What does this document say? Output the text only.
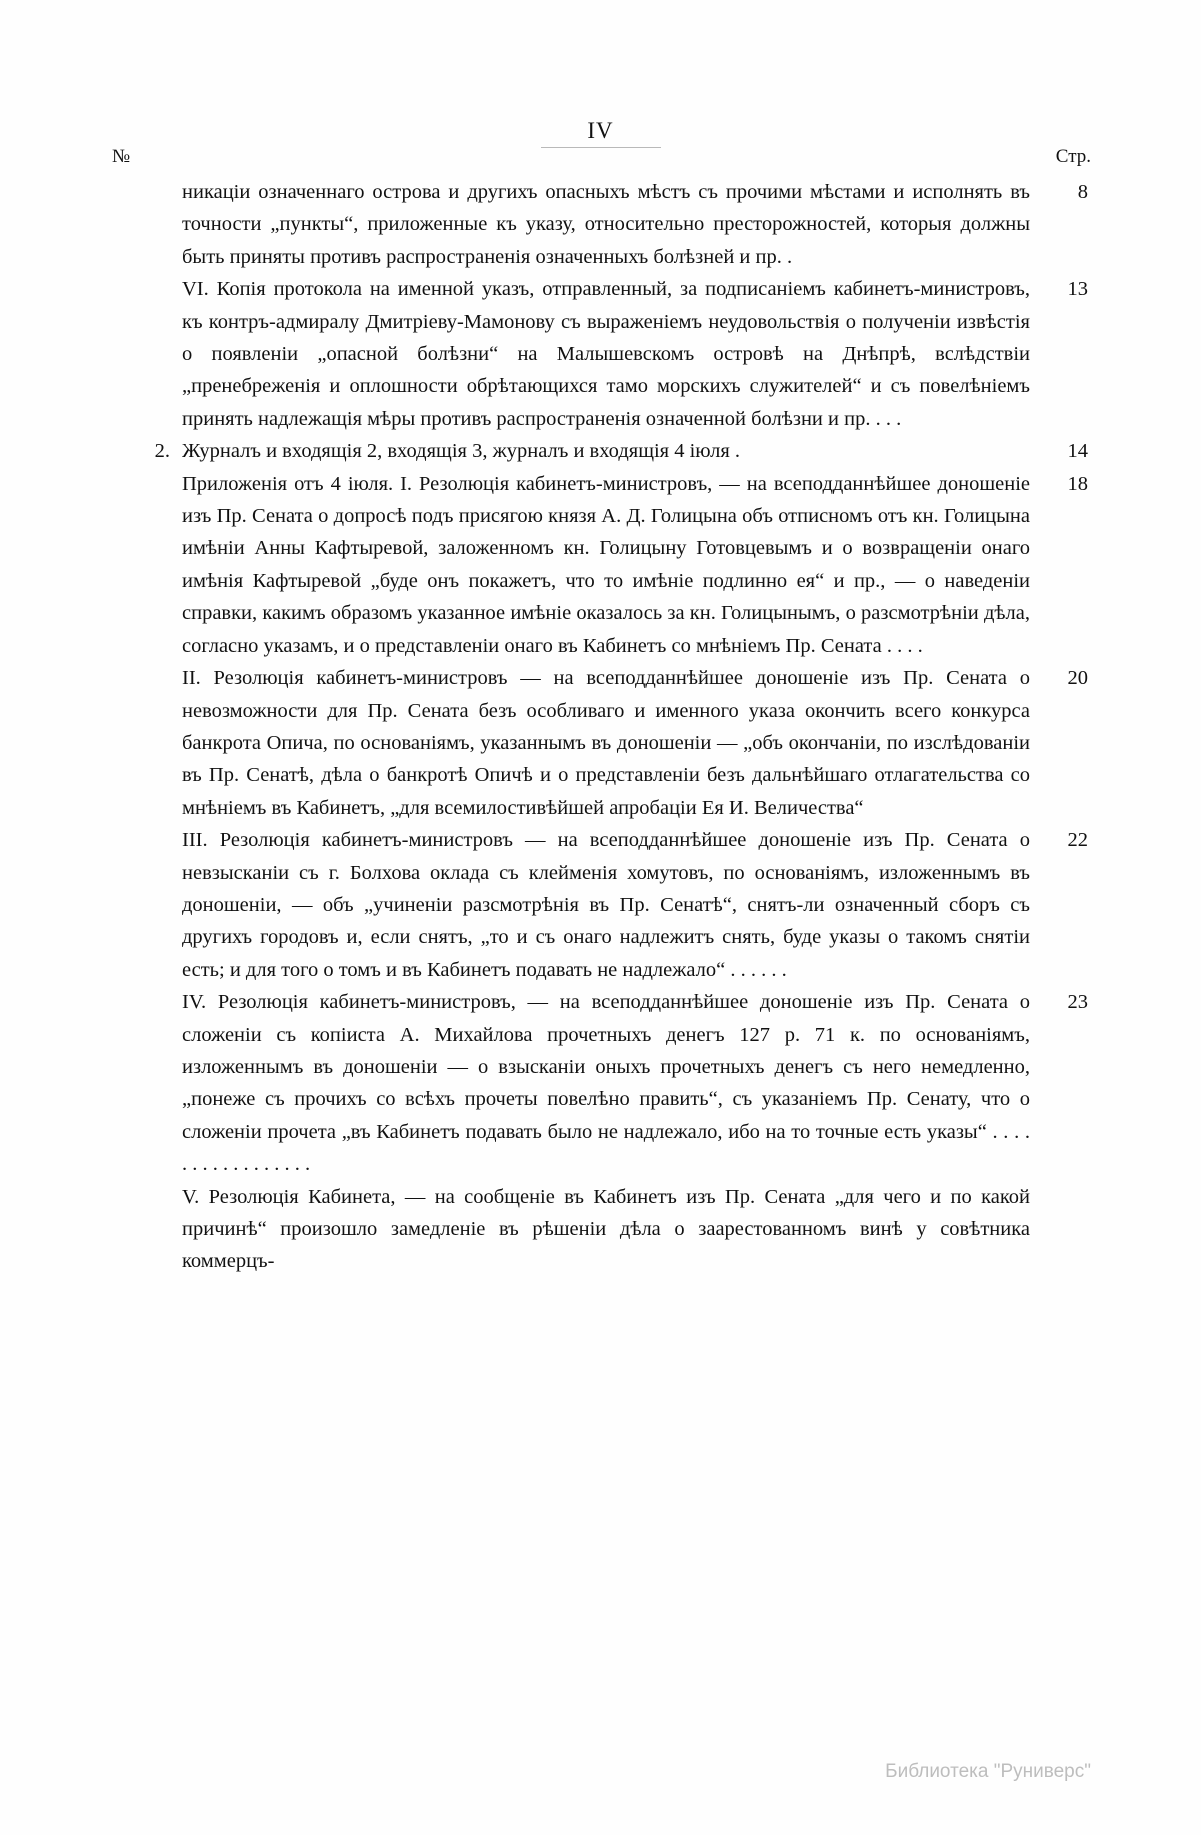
IV
№	Стр.
никаціи означеннаго острова и другихъ опасныхъ мѣстъ съ прочими мѣстами и исполнять въ точности „пункты“, приложенные къ указу, относительно престорожностей, которыя должны быть приняты противъ распространенія означенныхъ болѣзней и пр. .
8
VI. Копія протокола на именной указъ, отправленный, за подписаніемъ кабинетъ-министровъ, къ контръ-адмиралу Дмитріеву-Мамонову съ выраженіемъ неудовольствія о полученіи извѣстія о появленіи „опасной болѣзни“ на Малышевскомъ островѣ на Днѣпрѣ, вслѣдствіи „пренебреженія и оплошности обрѣтающихся тамо морскихъ служителей“ и съ повелѣніемъ принять надлежащія мѣры противъ распространенія означенной болѣзни и пр. . . .
13
2. Журналъ и входящія 2, входящія 3, журналъ и входящія 4 іюля .	14
Приложенія отъ 4 іюля. I. Резолюція кабинетъ-министровъ, — на всеподданнѣйшее доношеніе изъ Пр. Сената о допросѣ подъ присягою князя А. Д. Голицына объ отписномъ отъ кн. Голицына имѣніи Анны Кафтыревой, заложенномъ кн. Голицыну Готовцевымъ и о возвращеніи онаго имѣнія Кафтыревой „буде онъ покажетъ, что то имѣніе подлинно ея“ и пр., — о наведеніи справки, какимъ образомъ указанное имѣніе оказалось за кн. Голицынымъ, о разсмотрѣніи дѣла, согласно указамъ, и о представленіи онаго въ Кабинетъ со мнѣніемъ Пр. Сената . . . .
18
II. Резолюція кабинетъ-министровъ — на всеподданнѣйшее доношеніе изъ Пр. Сената о невозможности для Пр. Сената безъ особливаго и именного указа окончить всего конкурса банкрота Опича, по основаніямъ, указаннымъ въ доношеніи — „объ окончаніи, по изслѣдованіи въ Пр. Сенатѣ, дѣла о банкротѣ Опичѣ и о представленіи безъ дальнѣйшаго отлагательства со мнѣніемъ въ Кабинетъ, „для всемилостивѣйшей апробаціи Ея И. Величества“
20
III. Резолюція кабинетъ-министровъ — на всеподданнѣйшее доношеніе изъ Пр. Сената о невзысканіи съ г. Болхова оклада съ клейменія хомутовъ, по основаніямъ, изложеннымъ въ доношеніи, — объ „учиненіи разсмотрѣнія въ Пр. Сенатѣ“, снятъ-ли означенный сборъ съ другихъ городовъ и, если снятъ, „то и съ онаго надлежитъ снять, буде указы о такомъ снятіи есть; и для того о томъ и въ Кабинетъ подавать не надлежало“ . . . . . .
22
IV. Резолюція кабинетъ-министровъ, — на всеподданнѣйшее доношеніе изъ Пр. Сената о сложеніи съ копіиста А. Михайлова прочетныхъ денегъ 127 р. 71 к. по основаніямъ, изложеннымъ въ доношеніи — о взысканіи оныхъ прочетныхъ денегъ съ него немедленно, „понеже съ прочихъ со всѣхъ прочеты повелѣно править“, съ указаніемъ Пр. Сенату, что о сложеніи прочета „въ Кабинетъ подавать было не надлежало, ибо на то точные есть указы“ . . . . . . . . . . . . . . . . .
23
V. Резолюція Кабинета, — на сообщеніе въ Кабинетъ изъ Пр. Сената „для чего и по какой причинѣ“ произошло замедленіе въ рѣшеніи дѣла о заарестованномъ винѣ у совѣтника коммерцъ-
Библиотека "Руниверс"
